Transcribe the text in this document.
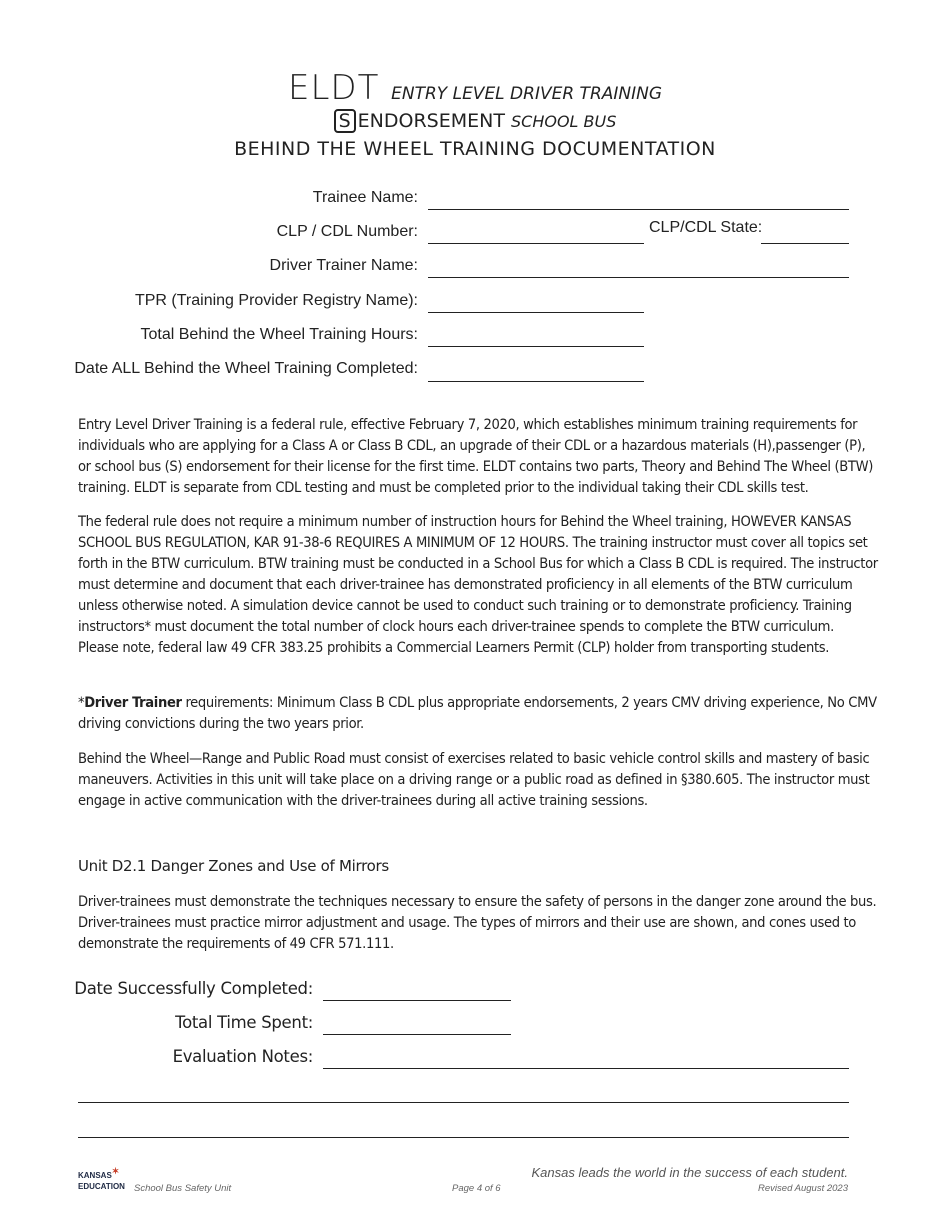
ELDT ENTRY LEVEL DRIVER TRAINING
S ENDORSEMENT SCHOOL BUS
BEHIND THE WHEEL TRAINING DOCUMENTATION
Trainee Name:
CLP / CDL Number:	CLP/CDL State:
Driver Trainer Name:
TPR (Training Provider Registry Name):
Total Behind the Wheel Training Hours:
Date ALL Behind the Wheel Training Completed:
Entry Level Driver Training is a federal rule, effective February 7, 2020, which establishes minimum training requirements for individuals who are applying for a Class A or Class B CDL, an upgrade of their CDL or a hazardous materials (H),passenger (P), or school bus (S) endorsement for their license for the first time. ELDT contains two parts, Theory and Behind The Wheel (BTW) training. ELDT is separate from CDL testing and must be completed prior to the individual taking their CDL skills test.
The federal rule does not require a minimum number of instruction hours for Behind the Wheel training, HOWEVER KANSAS SCHOOL BUS REGULATION, KAR 91-38-6 REQUIRES A MINIMUM OF 12 HOURS. The training instructor must cover all topics set forth in the BTW curriculum. BTW training must be conducted in a School Bus for which a Class B CDL is required. The instructor must determine and document that each driver-trainee has demonstrated proficiency in all elements of the BTW curriculum unless otherwise noted. A simulation device cannot be used to conduct such training or to demonstrate proficiency. Training instructors* must document the total number of clock hours each driver-trainee spends to complete the BTW curriculum. Please note, federal law 49 CFR 383.25 prohibits a Commercial Learners Permit (CLP) holder from transporting students.
*Driver Trainer requirements: Minimum Class B CDL plus appropriate endorsements, 2 years CMV driving experience, No CMV driving convictions during the two years prior.
Behind the Wheel—Range and Public Road must consist of exercises related to basic vehicle control skills and mastery of basic maneuvers. Activities in this unit will take place on a driving range or a public road as defined in §380.605. The instructor must engage in active communication with the driver-trainees during all active training sessions.
Unit D2.1 Danger Zones and Use of Mirrors
Driver-trainees must demonstrate the techniques necessary to ensure the safety of persons in the danger zone around the bus. Driver-trainees must practice mirror adjustment and usage. The types of mirrors and their use are shown, and cones used to demonstrate the requirements of 49 CFR 571.111.
Date Successfully Completed:
Total Time Spent:
Evaluation Notes:
KANSAS✶
EDUCATION School Bus Safety Unit	Page 4 of 6
Kansas leads the world in the success of each student.
Revised August 2023
